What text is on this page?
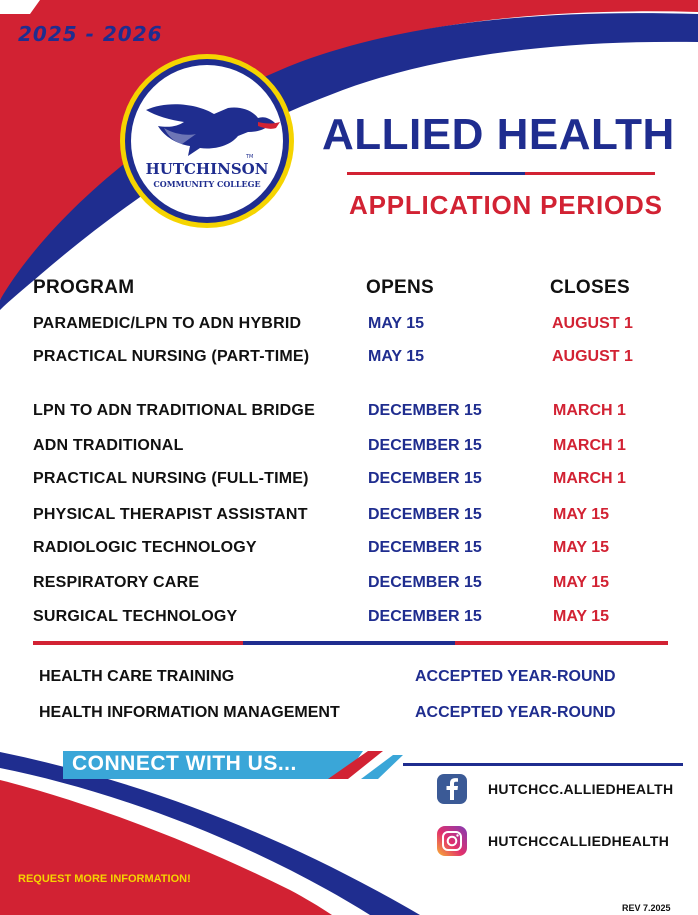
2025 - 2026
HUTCHINSON
COMMUNITY COLLEGE
TM ALLIED HEALTH
APPLICATION PERIODS
PROGRAM	OPENS	CLOSES
PARAMEDIC/LPN TO ADN HYBRID	MAY 15	AUGUST 1
PRACTICAL NURSING (PART-TIME)	MAY 15	AUGUST 1
LPN TO ADN TRADITIONAL BRIDGE	DECEMBER 15	MARCH 1
ADN TRADITIONAL	DECEMBER 15	MARCH 1
PRACTICAL NURSING (FULL-TIME)	DECEMBER 15	MARCH 1
PHYSICAL THERAPIST ASSISTANT	DECEMBER 15	MAY 15
RADIOLOGIC TECHNOLOGY	DECEMBER 15	MAY 15
RESPIRATORY CARE	DECEMBER 15	MAY 15
SURGICAL TECHNOLOGY	DECEMBER 15	MAY 15
HEALTH CARE TRAINING	ACCEPTED YEAR-ROUND
HEALTH INFORMATION MANAGEMENT	ACCEPTED YEAR-ROUND
CONNECT WITH US...
HUTCHCC.ALLIEDHEALTH
HUTCHCCALLIEDHEALTH
REQUEST MORE INFORMATION!
REV 7.2025
